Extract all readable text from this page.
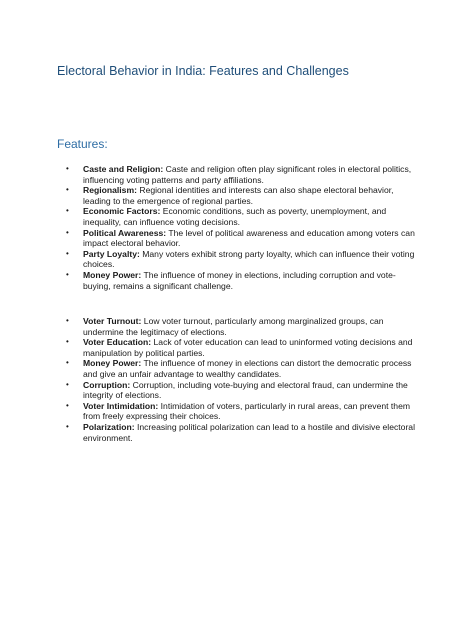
Electoral Behavior in India: Features and Challenges
Features:
• Caste and Religion: Caste and religion often play significant roles in electoral politics, influencing voting patterns and party affiliations.
• Regionalism: Regional identities and interests can also shape electoral behavior, leading to the emergence of regional parties.
• Economic Factors: Economic conditions, such as poverty, unemployment, and inequality, can influence voting decisions.
• Political Awareness: The level of political awareness and education among voters can impact electoral behavior.
• Party Loyalty: Many voters exhibit strong party loyalty, which can influence their voting choices.
• Money Power: The influence of money in elections, including corruption and vote-buying, remains a significant challenge.
• Voter Turnout: Low voter turnout, particularly among marginalized groups, can undermine the legitimacy of elections.
• Voter Education: Lack of voter education can lead to uninformed voting decisions and manipulation by political parties.
• Money Power: The influence of money in elections can distort the democratic process and give an unfair advantage to wealthy candidates.
• Corruption: Corruption, including vote-buying and electoral fraud, can undermine the integrity of elections.
• Voter Intimidation: Intimidation of voters, particularly in rural areas, can prevent them from freely expressing their choices.
• Polarization: Increasing political polarization can lead to a hostile and divisive electoral environment.
